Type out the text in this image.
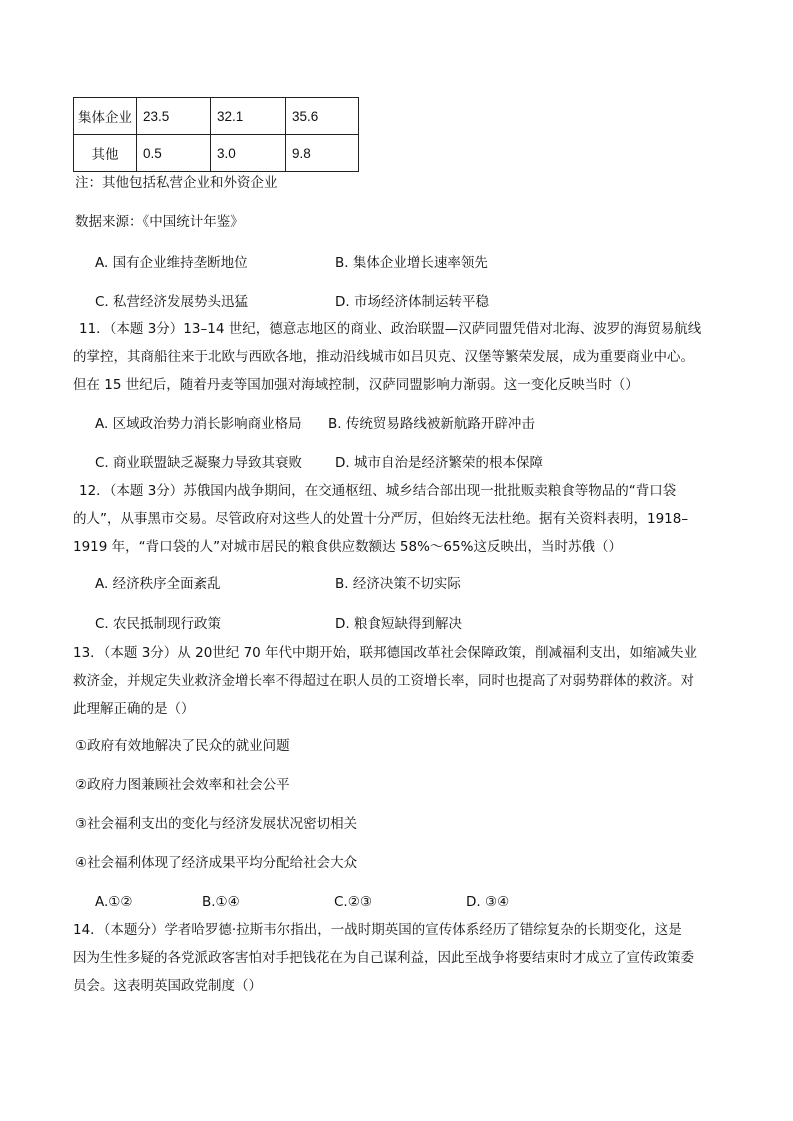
集体企业	23.5	32.1	35.6
其他	0.5	3.0	9.8
注：其他包括私营企业和外资企业
数据来源：《中国统计年鉴》
A. 国有企业维持垄断地位	B. 集体企业增长速率领先
C. 私营经济发展势头迅猛	D. 市场经济体制运转平稳
11．（本题 3分）13–14 世纪，德意志地区的商业、政治联盟—汉萨同盟凭借对北海、波罗的海贸易航线
的掌控，其商船往来于北欧与西欧各地，推动沿线城市如吕贝克、汉堡等繁荣发展，成为重要商业中心。
但在 15 世纪后，随着丹麦等国加强对海域控制，汉萨同盟影响力渐弱。这一变化反映当时（）
A. 区域政治势力消长影响商业格局 B. 传统贸易路线被新航路开辟冲击
C. 商业联盟缺乏凝聚力导致其衰败 D. 城市自治是经济繁荣的根本保障
12．（本题 3分）苏俄国内战争期间，在交通枢纽、城乡结合部出现一批批贩卖粮食等物品的“背口袋
的人”，从事黑市交易。尽管政府对这些人的处置十分严厉，但始终无法杜绝。据有关资料表明，1918–
1919 年，“背口袋的人”对城市居民的粮食供应数额达 58%～65%这反映出，当时苏俄（）
A. 经济秩序全面紊乱	B. 经济决策不切实际
C. 农民抵制现行政策	D. 粮食短缺得到解决
13．（本题 3分）从 20世纪 70 年代中期开始，联邦德国改革社会保障政策，削减福利支出，如缩减失业
救济金，并规定失业救济金增长率不得超过在职人员的工资增长率，同时也提高了对弱势群体的救济。对
此理解正确的是（）
①政府有效地解决了民众的就业问题
②政府力图兼顾社会效率和社会公平
③社会福利支出的变化与经济发展状况密切相关
④社会福利体现了经济成果平均分配给社会大众
A.①②	B.①④	C.②③	D. ③④
14．（本题分）学者哈罗德·拉斯韦尔指出，一战时期英国的宣传体系经历了错综复杂的长期变化，这是
因为生性多疑的各党派政客害怕对手把钱花在为自己谋利益，因此至战争将要结束时才成立了宣传政策委
员会。这表明英国政党制度（）
